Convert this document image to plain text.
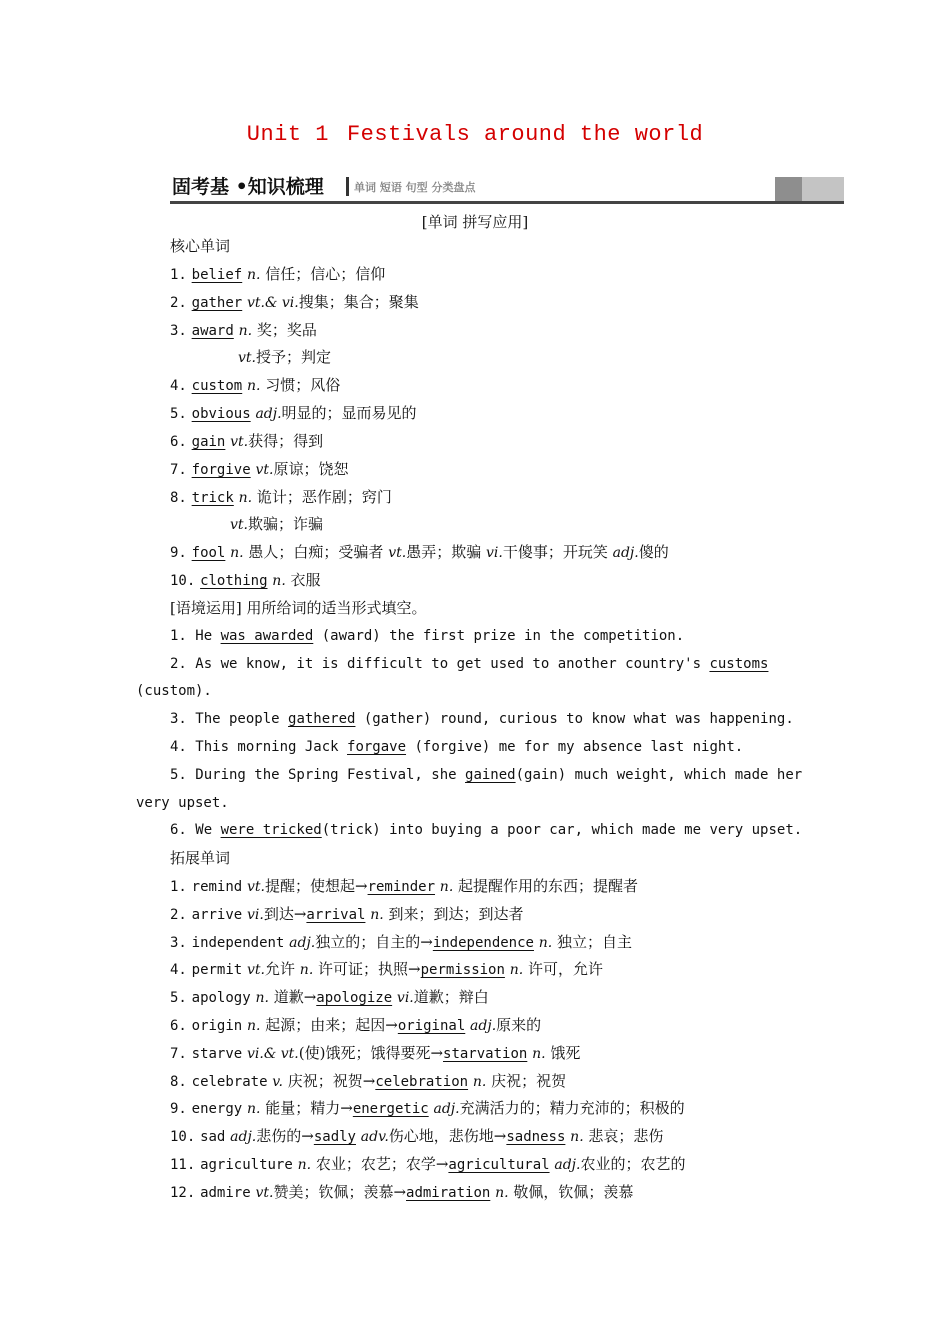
Unit 1 Festivals around the world
固考基 •知识梳理	单词 短语 句型 分类盘点
[单词 拼写应用]
核心单词
1. belief n. 信任；信心；信仰
2. gather vt.& vi.搜集；集合；聚集
3. award n. 奖；奖品
vt.授予；判定
4. custom n. 习惯；风俗
5. obvious adj.明显的；显而易见的
6. gain vt.获得；得到
7. forgive vt.原谅；饶恕
8. trick n. 诡计；恶作剧；窍门
vt.欺骗；诈骗
9. fool n. 愚人；白痴；受骗者 vt.愚弄；欺骗 vi.干傻事；开玩笑 adj.傻的
10. clothing n. 衣服
[语境运用] 用所给词的适当形式填空。
1. He was awarded (award) the first prize in the competition.
2. As we know, it is difficult to get used to another country's customs
(custom).
3. The people gathered (gather) round, curious to know what was happening.
4. This morning Jack forgave (forgive) me for my absence last night.
5. During the Spring Festival, she gained(gain) much weight, which made her
very upset.
6. We were tricked(trick) into buying a poor car, which made me very upset.
拓展单词
1. remind vt.提醒；使想起→reminder n. 起提醒作用的东西；提醒者
2. arrive vi.到达→arrival n. 到来；到达；到达者
3. independent adj.独立的；自主的→independence n. 独立；自主
4. permit vt.允许 n. 许可证；执照→permission n. 许可，允许
5. apology n. 道歉→apologize vi.道歉；辩白
6. origin n. 起源；由来；起因→original adj.原来的
7. starve vi.& vt.(使)饿死；饿得要死→starvation n. 饿死
8. celebrate v. 庆祝；祝贺→celebration n. 庆祝；祝贺
9. energy n. 能量；精力→energetic adj.充满活力的；精力充沛的；积极的
10. sad adj.悲伤的→sadly adv.伤心地，悲伤地→sadness n. 悲哀；悲伤
11. agriculture n. 农业；农艺；农学→agricultural adj.农业的；农艺的
12. admire vt.赞美；钦佩；羡慕→admiration n. 敬佩，钦佩；羡慕
